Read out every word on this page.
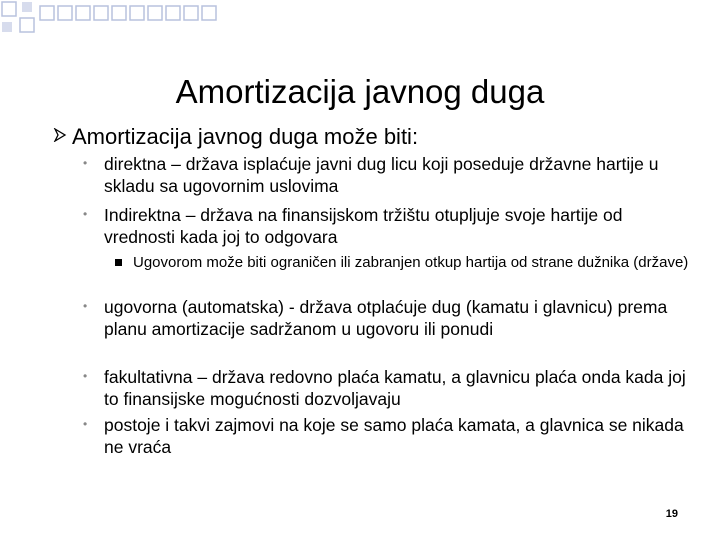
Amortizacija javnog duga
Amortizacija javnog duga može biti:
• direktna – država isplaćuje javni dug licu koji poseduje državne hartije u skladu sa ugovornim uslovima
• Indirektna – država na finansijskom tržištu otupljuje svoje hartije od vrednosti kada joj to odgovara
Ugovorom može biti ograničen ili zabranjen otkup hartija od strane dužnika (države)
• ugovorna (automatska) - država otplaćuje dug (kamatu i glavnicu) prema planu amortizacije sadržanom u ugovoru ili ponudi
• fakultativna – država redovno plaća kamatu, a glavnicu plaća onda kada joj to finansijske mogućnosti dozvoljavaju
• postoje i takvi zajmovi na koje se samo plaća kamata, a glavnica se nikada ne vraća
19
